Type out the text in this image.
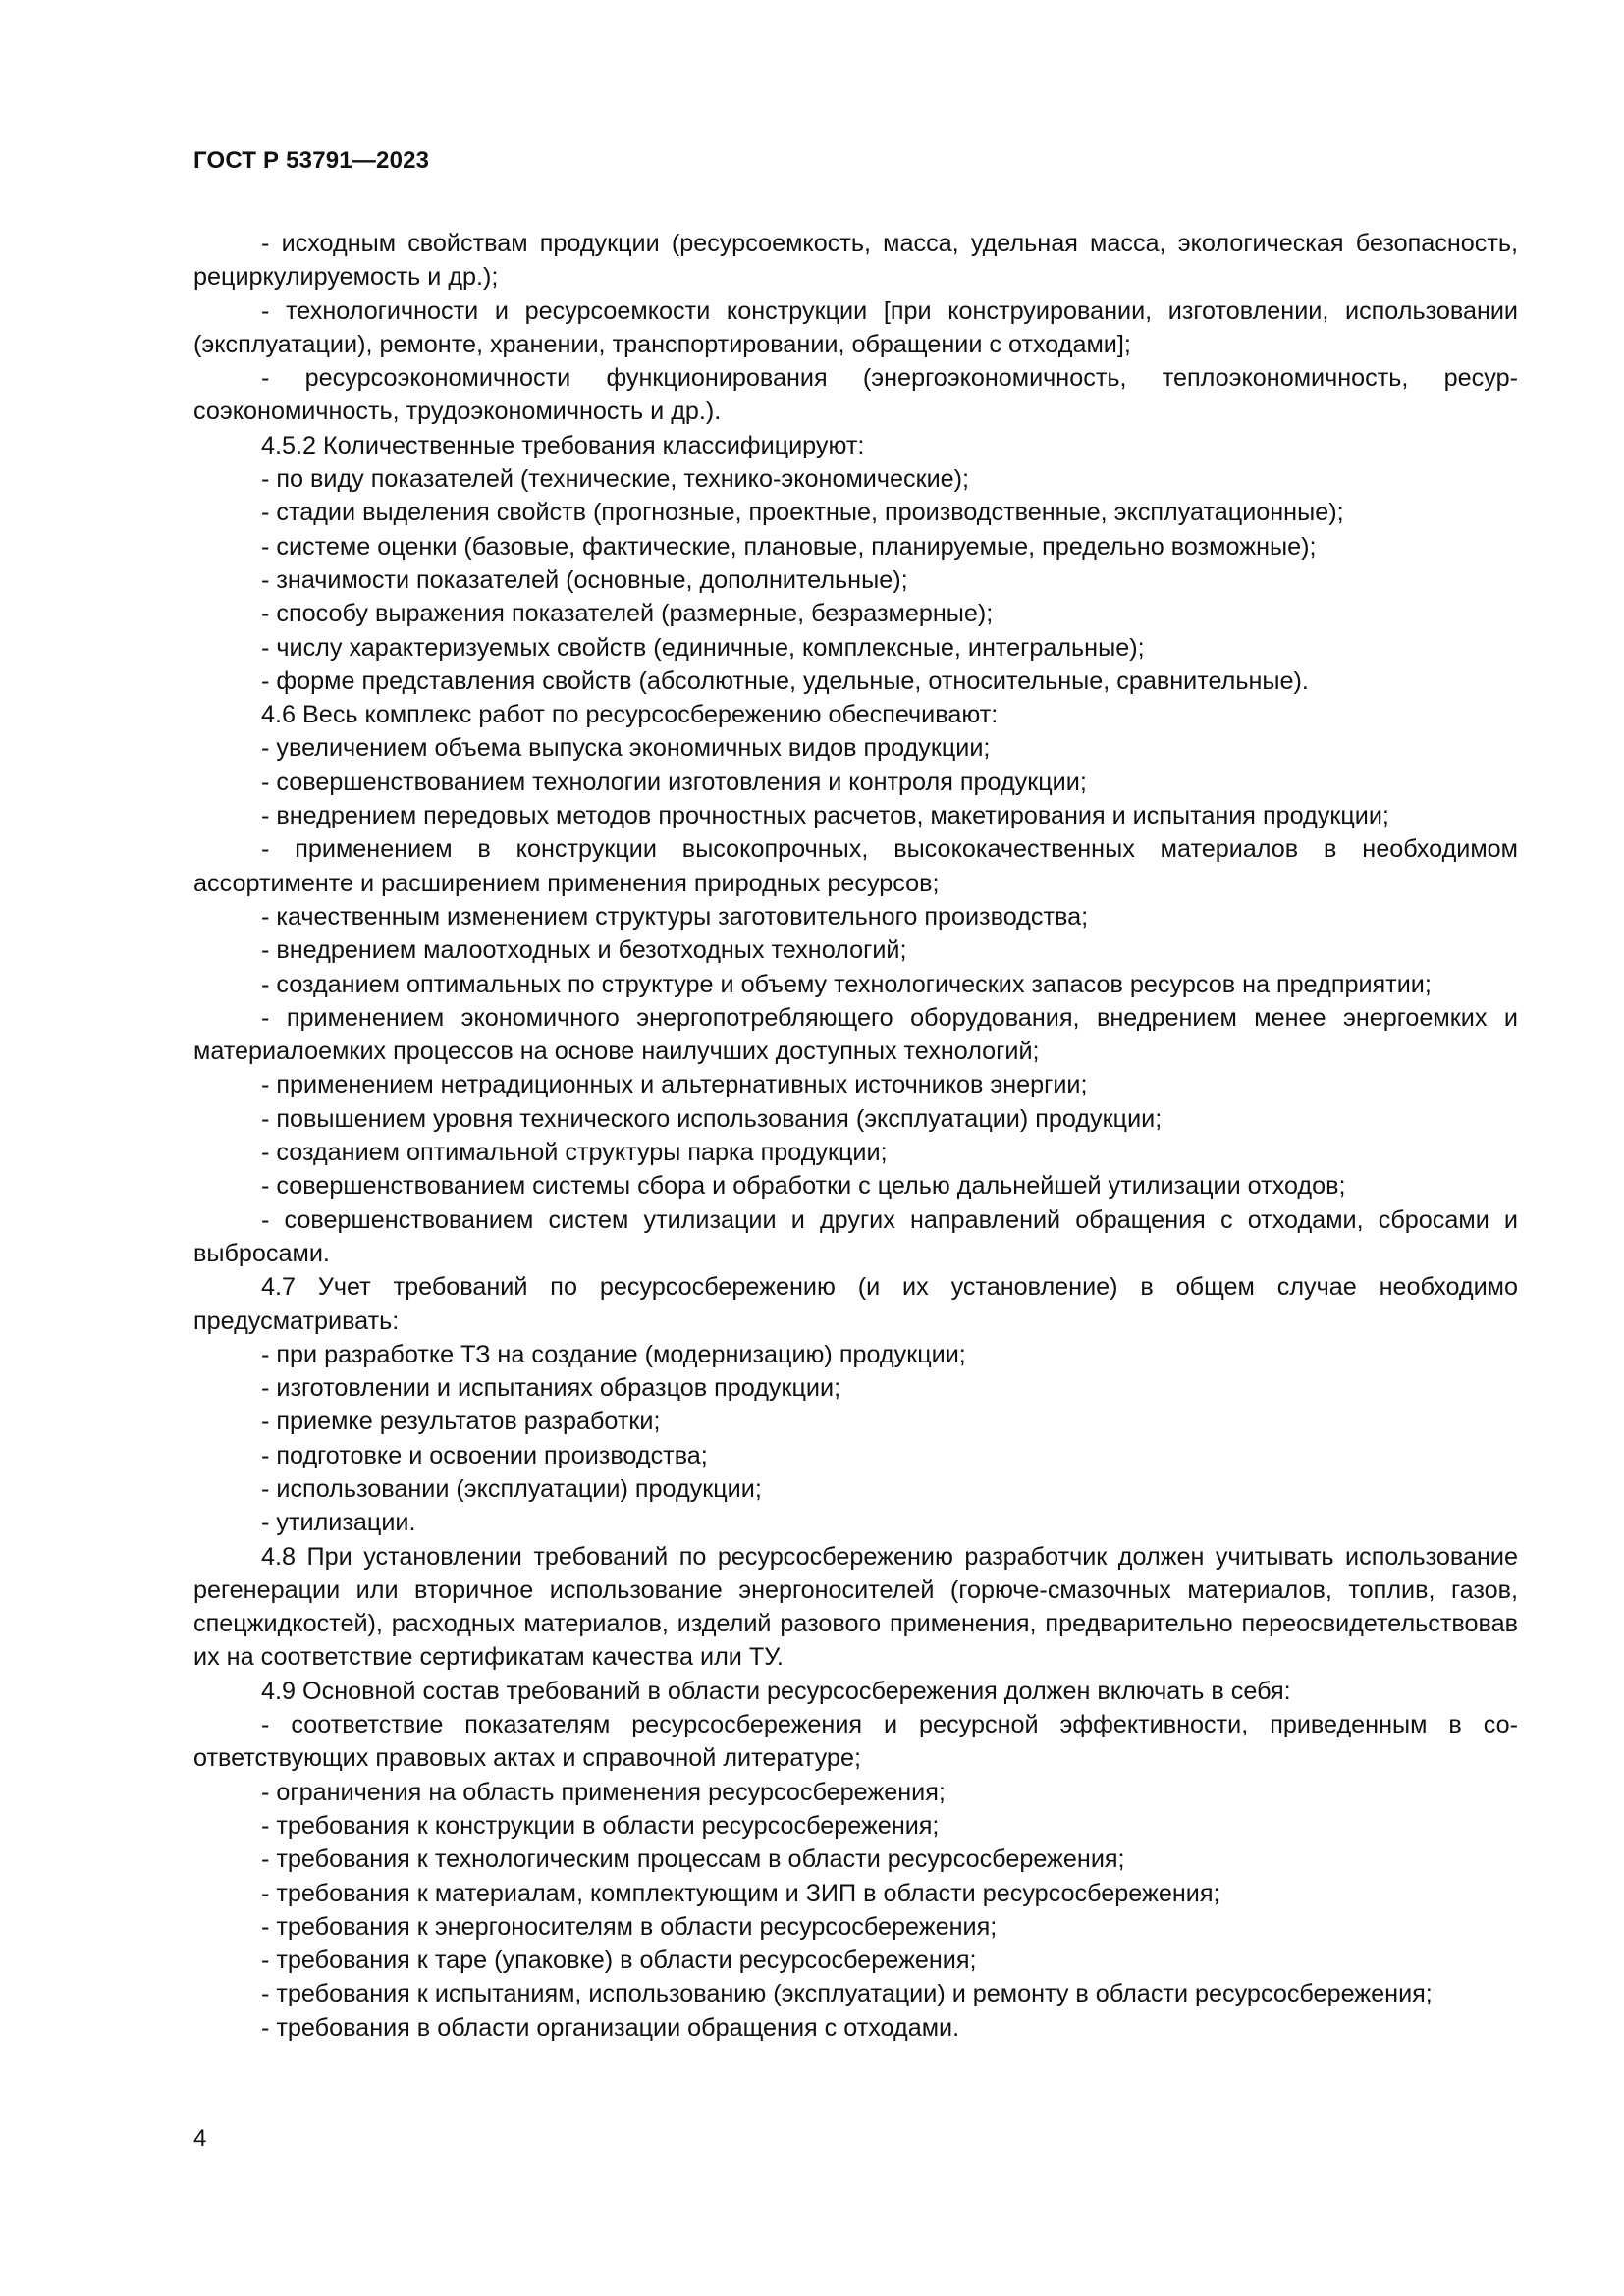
ГОСТ Р 53791—2023

- исходным свойствам продукции (ресурсоемкость, масса, удельная масса, экологическая безопасность, рециркулируемость и др.);

- технологичности и ресурсоемкости конструкции [при конструировании, изготовлении, использовании (эксплуатации), ремонте, хранении, транспортировании, обращении с отходами];

- ресурсоэкономичности функционирования (энергоэкономичность, теплоэкономичность, ресурсоэкономичность, трудоэкономичность и др.).

4.5.2 Количественные требования классифицируют:

- по виду показателей (технические, технико-экономические);

- стадии выделения свойств (прогнозные, проектные, производственные, эксплуатационные);

- системе оценки (базовые, фактические, плановые, планируемые, предельно возможные);

- значимости показателей (основные, дополнительные);

- способу выражения показателей (размерные, безразмерные);

- числу характеризуемых свойств (единичные, комплексные, интегральные);

- форме представления свойств (абсолютные, удельные, относительные, сравнительные).

4.6 Весь комплекс работ по ресурсосбережению обеспечивают:

- увеличением объема выпуска экономичных видов продукции;

- совершенствованием технологии изготовления и контроля продукции;

- внедрением передовых методов прочностных расчетов, макетирования и испытания продукции;

- применением в конструкции высокопрочных, высококачественных материалов в необходимом ассортименте и расширением применения природных ресурсов;

- качественным изменением структуры заготовительного производства;

- внедрением малоотходных и безотходных технологий;

- созданием оптимальных по структуре и объему технологических запасов ресурсов на предприятии;

- применением экономичного энергопотребляющего оборудования, внедрением менее энергоемких и материалоемких процессов на основе наилучших доступных технологий;

- применением нетрадиционных и альтернативных источников энергии;

- повышением уровня технического использования (эксплуатации) продукции;

- созданием оптимальной структуры парка продукции;

- совершенствованием системы сбора и обработки с целью дальнейшей утилизации отходов;

- совершенствованием систем утилизации и других направлений обращения с отходами, сбросами и выбросами.

4.7 Учет требований по ресурсосбережению (и их установление) в общем случае необходимо предусматривать:

- при разработке ТЗ на создание (модернизацию) продукции;

- изготовлении и испытаниях образцов продукции;

- приемке результатов разработки;

- подготовке и освоении производства;

- использовании (эксплуатации) продукции;

- утилизации.

4.8 При установлении требований по ресурсосбережению разработчик должен учитывать использование регенерации или вторичное использование энергоносителей (горюче-смазочных материалов, топлив, газов, спецжидкостей), расходных материалов, изделий разового применения, предварительно переосвидетельствовав их на соответствие сертификатам качества или ТУ.

4.9 Основной состав требований в области ресурсосбережения должен включать в себя:

- соответствие показателям ресурсосбережения и ресурсной эффективности, приведенным в соответствующих правовых актах и справочной литературе;

- ограничения на область применения ресурсосбережения;

- требования к конструкции в области ресурсосбережения;

- требования к технологическим процессам в области ресурсосбережения;

- требования к материалам, комплектующим и ЗИП в области ресурсосбережения;

- требования к энергоносителям в области ресурсосбережения;

- требования к таре (упаковке) в области ресурсосбережения;

- требования к испытаниям, использованию (эксплуатации) и ремонту в области ресурсосбережения;

- требования в области организации обращения с отходами.

4
